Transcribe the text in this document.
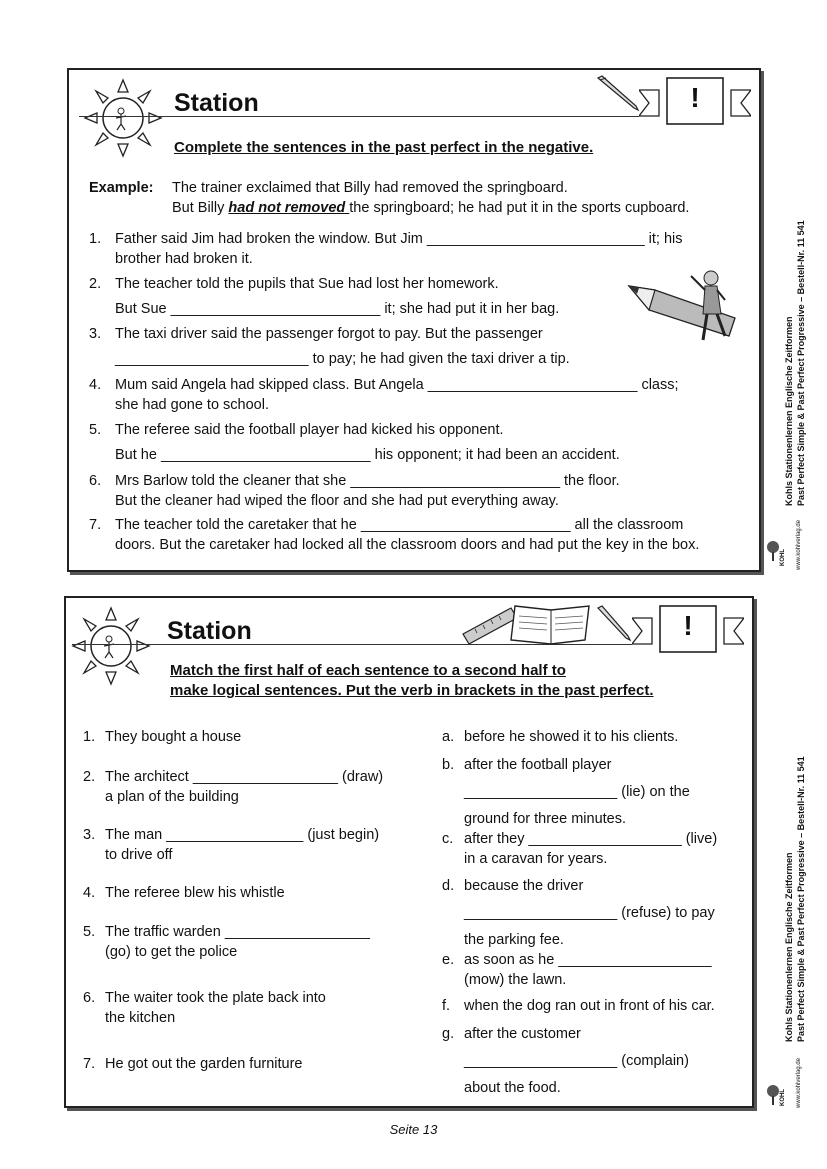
Station	!

Complete the sentences in the past perfect in the negative.

Example: The trainer exclaimed that Billy had removed the springboard.
But Billy had not removed the springboard; he had put it in the sports cupboard.
1. Father said Jim had broken the window. But Jim ___________________________ it; his
brother had broken it.
2. The teacher told the pupils that Sue had lost her homework.
But Sue __________________________ it; she had put it in her bag.
3. The taxi driver said the passenger forgot to pay. But the passenger
________________________ to pay; he had given the taxi driver a tip.
4. Mum said Angela had skipped class. But Angela __________________________ class;
she had gone to school.
5. The referee said the football player had kicked his opponent.
But he __________________________ his opponent; it had been an accident.
6. Mrs Barlow told the cleaner that she __________________________ the floor.
But the cleaner had wiped the floor and she had put everything away.
7. The teacher told the caretaker that he __________________________ all the classroom
doors. But the caretaker had locked all the classroom doors and had put the key in the box.
Station	!

Match the first half of each sentence to a second half to

make logical sentences. Put the verb in brackets in the past perfect.

1. They bought a house
2. The architect __________________ (draw)
a plan of the building
3. The man _________________ (just begin)
to drive off
4. The referee blew his whistle
5. The traffic warden __________________
(go) to get the police
6. The waiter took the plate back into
the kitchen
7. He got out the garden furniture
a. before he showed it to his clients.
b. after the football player
___________________ (lie) on the
ground for three minutes.
c. after they ___________________ (live)
in a caravan for years.
d. because the driver
___________________ (refuse) to pay
the parking fee.
e. as soon as he ___________________
(mow) the lawn.
f. when the dog ran out in front of his car.
g. after the customer
___________________ (complain)
about the food.
Kohls Stationenlernen Englische Zeitformen Past Perfect Simple & Past Perfect Progressive – Bestell-Nr. 11 541
KOHL www.kohlverlag.de
Kohls Stationenlernen Englische Zeitformen Past Perfect Simple & Past Perfect Progressive – Bestell-Nr. 11 541
KOHL www.kohlverlag.de
Seite 13
